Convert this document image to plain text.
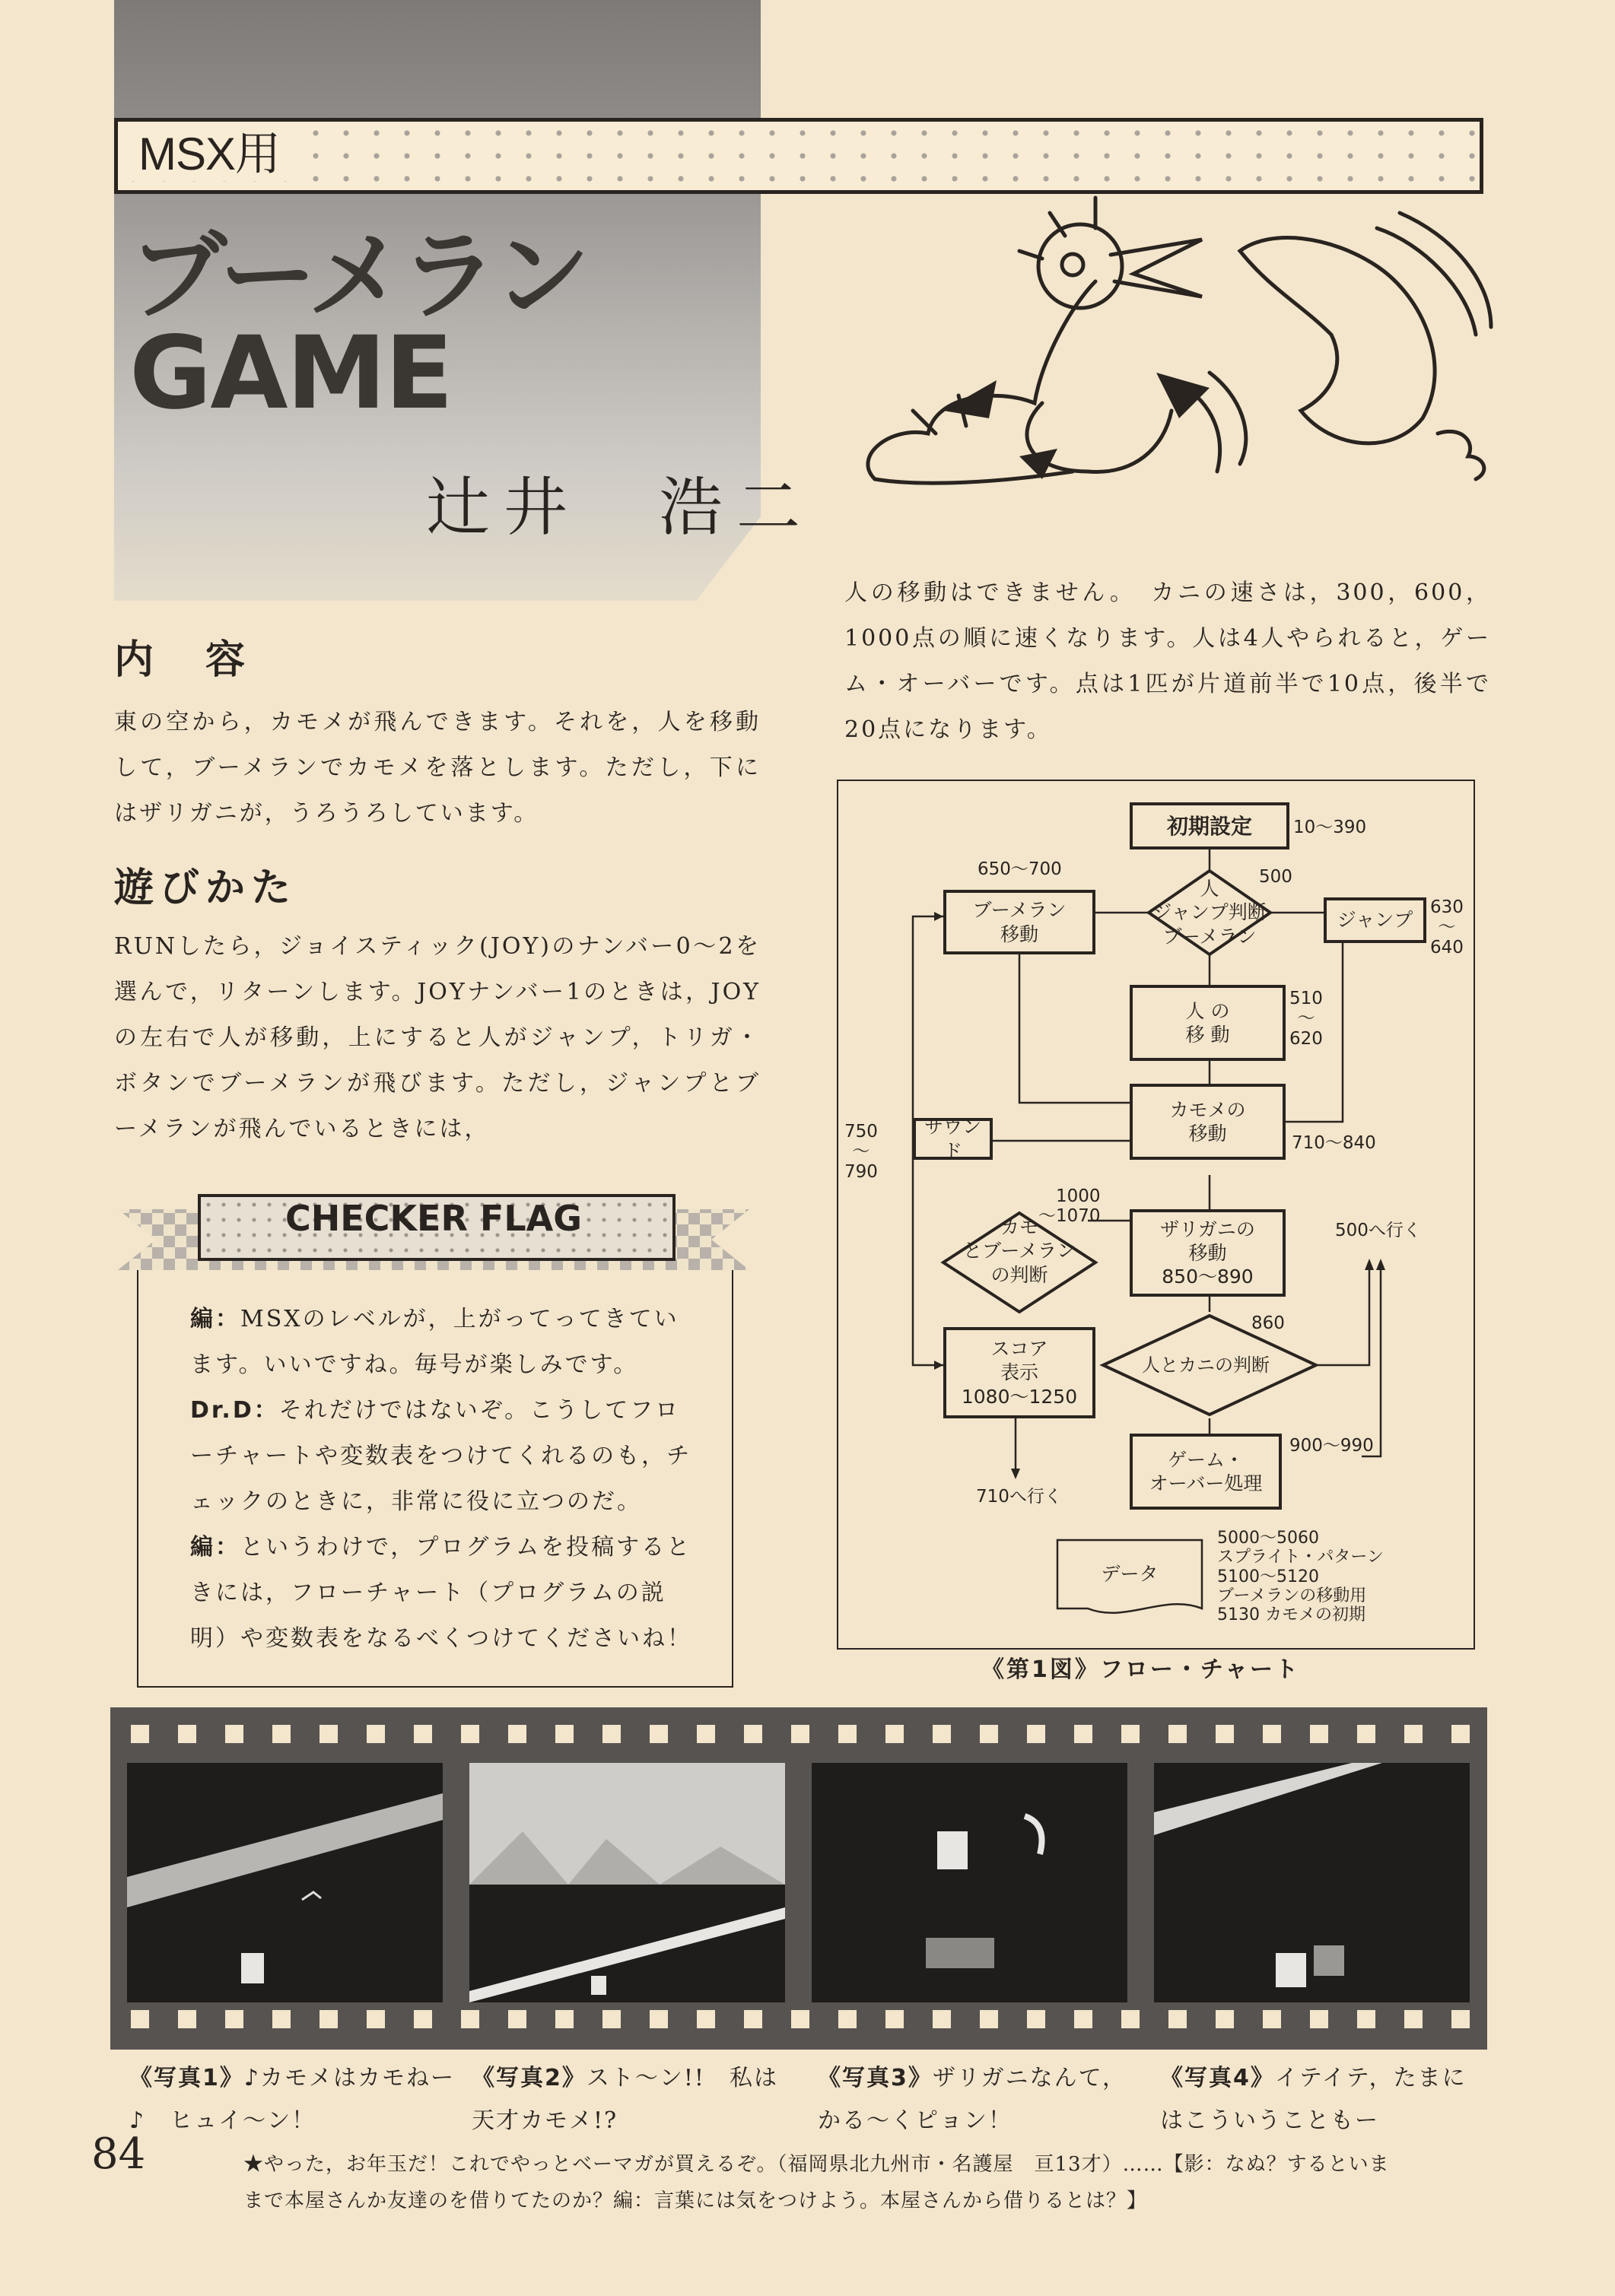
MSX用
ブーメラン
GAME
辻井　浩二
内　容
東の空から，カモメが飛んできます。それを，人を移動して，ブーメランでカモメを落とします。ただし，下にはザリガニが，うろうろしています。
遊びかた
RUNしたら，ジョイスティック(JOY)のナンバー0〜2を選んで，リターンします。JOYナンバー1のときは，JOYの左右で人が移動，上にすると人がジャンプ，トリガ・ボタンでブーメランが飛びます。ただし，ジャンプとブーメランが飛んでいるときには，
人の移動はできません。　カニの速さは，300，600，1000点の順に速くなります。人は4人やられると，ゲーム・オーバーです。点は1匹が片道前半で10点，後半で20点になります。
CHECKER FLAG
編：MSXのレベルが，上がってってきています。いいですね。毎号が楽しみです。
Dr.D：それだけではないぞ。こうしてフローチャートや変数表をつけてくれるのも，チェックのときに，非常に役に立つのだ。
編：というわけで，プログラムを投稿するときには，フローチャート（プログラムの説明）や変数表をなるべくつけてくださいね！
初期設定
ブーメラン
移動
人
ジャンプ判断
ブーメラン
ジャンプ
人 の
移 動
カモメの
移動
サウンド
カモ
とブーメラン
の判断
ザリガニの
移動
850〜890
スコア
表示
1080〜1250
人とカニの判断
ゲーム・
オーバー処理
データ
10〜390
650〜700	500
630
〜
640
510
〜
620
710〜840
750
〜
790
1000
〜1070
500へ行く
860
900〜990
710へ行く
5000〜5060
スプライト・パターン
5100〜5120
ブーメランの移動用
5130 カモメの初期
《第1図》フロー・チャート
《写真1》♪カモメはカモねー♪　ヒュイ〜ン！
《写真2》スト〜ン!!　私は天才カモメ!?
《写真3》ザリガニなんて，かる〜くピョン！
《写真4》イテイテ，たまにはこういうこともー
84	★やった，お年玉だ！これでやっとベーマガが買えるぞ。（福岡県北九州市・名護屋　亘13才）……【影：なぬ？するといままで本屋さんか友達のを借りてたのか？編：言葉には気をつけよう。本屋さんから借りるとは？】
